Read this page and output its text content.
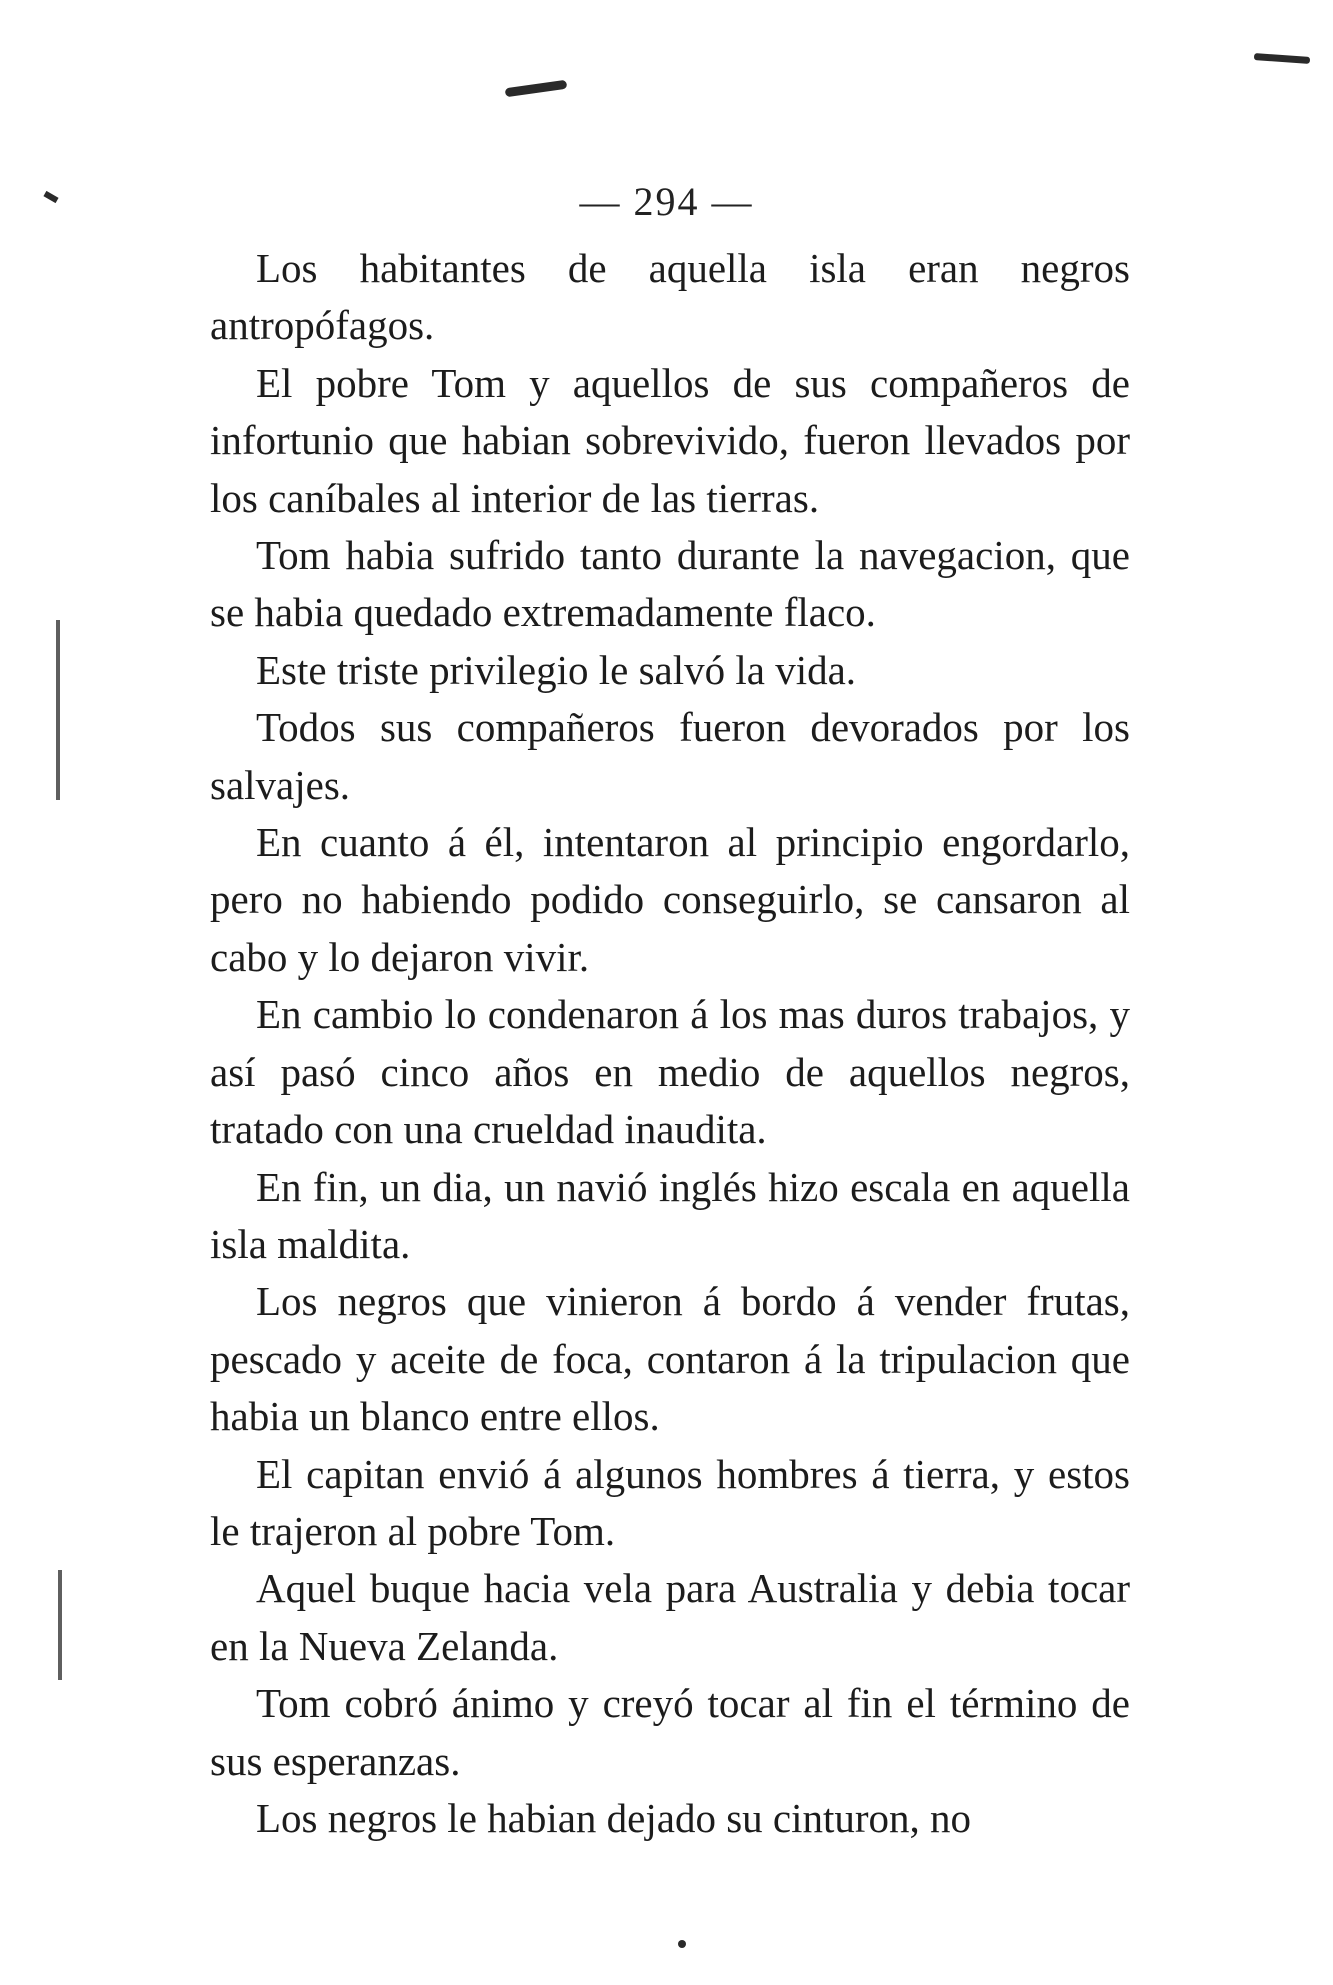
— 294 —

Los habitantes de aquella isla eran negros antropófagos.

El pobre Tom y aquellos de sus compañeros de infortunio que habian sobrevivido, fueron llevados por los caníbales al interior de las tierras.

Tom habia sufrido tanto durante la navegacion, que se habia quedado extremadamente flaco.

Este triste privilegio le salvó la vida.

Todos sus compañeros fueron devorados por los salvajes.

En cuanto á él, intentaron al principio engordarlo, pero no habiendo podido conseguirlo, se cansaron al cabo y lo dejaron vivir.

En cambio lo condenaron á los mas duros trabajos, y así pasó cinco años en medio de aquellos negros, tratado con una crueldad inaudita.

En fin, un dia, un navió inglés hizo escala en aquella isla maldita.

Los negros que vinieron á bordo á vender frutas, pescado y aceite de foca, contaron á la tripulacion que habia un blanco entre ellos.

El capitan envió á algunos hombres á tierra, y estos le trajeron al pobre Tom.

Aquel buque hacia vela para Australia y debia tocar en la Nueva Zelanda.

Tom cobró ánimo y creyó tocar al fin el término de sus esperanzas.

Los negros le habian dejado su cinturon, no
